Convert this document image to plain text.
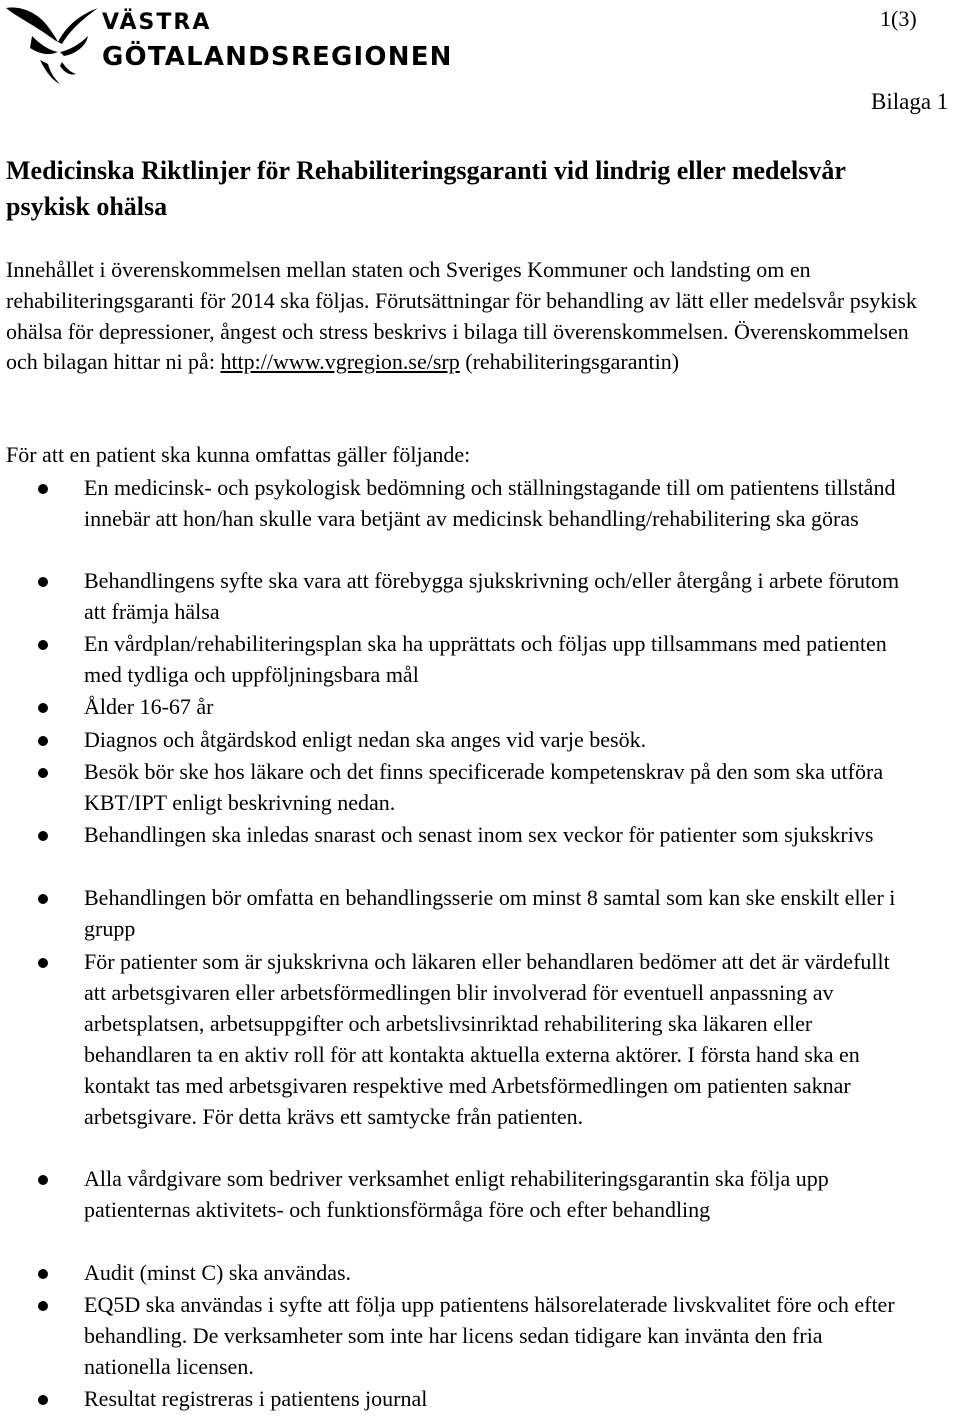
VÄSTRA
GÖTALANDSREGIONEN
1(3)
Bilaga 1
Medicinska Riktlinjer för Rehabiliteringsgaranti vid lindrig eller medelsvår psykisk ohälsa

Innehållet i överenskommelsen mellan staten och Sveriges Kommuner och landsting om en rehabiliteringsgaranti för 2014 ska följas. Förutsättningar för behandling av lätt eller medelsvår psykisk ohälsa för depressioner, ångest och stress beskrivs i bilaga till överenskommelsen. Överenskommelsen och bilagan hittar ni på: http://www.vgregion.se/srp (rehabiliteringsgarantin)

För att en patient ska kunna omfattas gäller följande:

En medicinsk- och psykologisk bedömning och ställningstagande till om patientens tillstånd innebär att hon/han skulle vara betjänt av medicinsk behandling/rehabilitering ska göras
Behandlingens syfte ska vara att förebygga sjukskrivning och/eller återgång i arbete förutom att främja hälsa
En vårdplan/rehabiliteringsplan ska ha upprättats och följas upp tillsammans med patienten med tydliga och uppföljningsbara mål
Ålder 16-67 år
Diagnos och åtgärdskod enligt nedan ska anges vid varje besök.
Besök bör ske hos läkare och det finns specificerade kompetenskrav på den som ska utföra KBT/IPT enligt beskrivning nedan.
Behandlingen ska inledas snarast och senast inom sex veckor för patienter som sjukskrivs
Behandlingen bör omfatta en behandlingsserie om minst 8 samtal som kan ske enskilt eller i grupp
För patienter som är sjukskrivna och läkaren eller behandlaren bedömer att det är värdefullt att arbetsgivaren eller arbetsförmedlingen blir involverad för eventuell anpassning av arbetsplatsen, arbetsuppgifter och arbetslivsinriktad rehabilitering ska läkaren eller behandlaren ta en aktiv roll för att kontakta aktuella externa aktörer. I första hand ska en kontakt tas med arbetsgivaren respektive med Arbetsförmedlingen om patienten saknar arbetsgivare. För detta krävs ett samtycke från patienten.
Alla vårdgivare som bedriver verksamhet enligt rehabiliteringsgarantin ska följa upp patienternas aktivitets- och funktionsförmåga före och efter behandling
Audit (minst C) ska användas.
EQ5D ska användas i syfte att följa upp patientens hälsorelaterade livskvalitet före och efter behandling. De verksamheter som inte har licens sedan tidigare kan invänta den fria nationella licensen.
Resultat registreras i patientens journal
